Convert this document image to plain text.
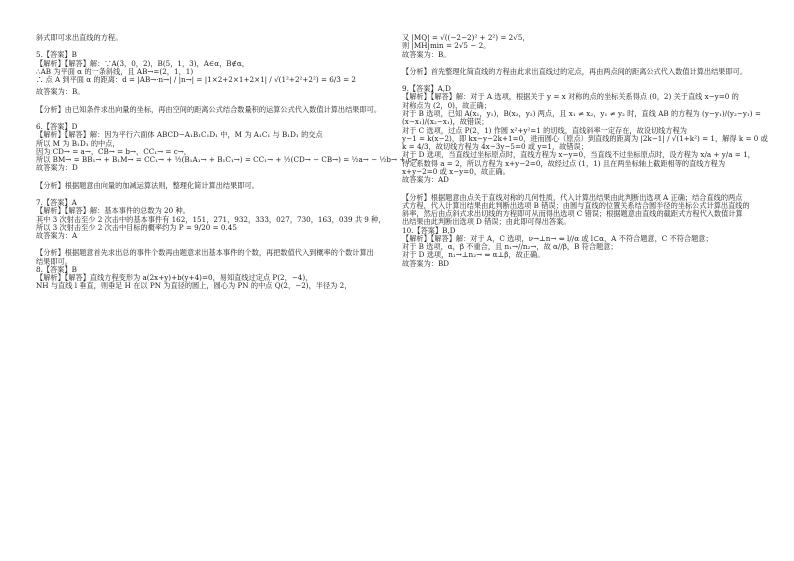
斜式即可求出直线的方程。

5.【答案】B

【解析】【解答】解：∵A(3，0，2)，B(5，1，3)，A∈α，B∉α，

∴AB 为平面 α 的一条斜线，且 AB→=(2，1，1)

∴ 点 A 到平面 α 的距离：d = |AB→·n→| / |n→| = |1×2+2×1+2×1| / √(1²+2²+2²) = 6/3 = 2

故答案为：B。

【分析】由已知条件求出向量的坐标，再由空间的距离公式结合数量积的运算公式代入数值计算出结果即可。

6.【答案】D

【解析】【解答】解：因为平行六面体 ABCD−A₁B₁C₁D₁ 中，M 为 A₁C₁ 与 B₁D₁ 的交点

所以 M 为 B₁D₁ 的中点，

因为 CD→ = a→，CB→ = b→，CC₁→ = c→，

所以 BM→ = BB₁→ + B₁M→ = CC₁→ + ½(B₁A₁→ + B₁C₁→) = CC₁→ + ½(CD→ − CB→) = ½a→ − ½b→ + c→

故答案为：D

【分析】根据题意由向量的加减运算法则，整理化简计算出结果即可。

7.【答案】A

【解析】【解答】解：基本事件的总数为 20 种。

其中 3 次射击至少 2 次击中的基本事件有 162，151，271，932，333，027，730，163，039 共 9 种，

所以 3 次射击至少 2 次击中目标的概率约为 P = 9/20 = 0.45

故答案为：A

【分析】根据题意首先求出总的事件个数再由题意求出基本事件的个数，再把数值代入到概率的个数计算出

结果即可。

8.【答案】B

【解析】【解答】直线方程变形为 a(2x+y)+b(y+4)=0，易知直线过定点 P(2，−4)，

NH 与直线 l 垂直，则垂足 H 在以 PN 为直径的圆上，圆心为 PN 的中点 Q(2，−2)，半径为 2，

又 |MQ| = √((−2−2)² + 2²) = 2√5，

则 |MH|min = 2√5 − 2。

故答案为：B。

【分析】首先整理化简直线的方程由此求出直线过的定点，再由两点间的距离公式代入数值计算出结果即可。

9.【答案】A,D

【解析】【解答】解：对于 A 选项，根据关于 y = x 对称的点的坐标关系得点 (0，2) 关于直线 x−y=0 的

对称点为 (2，0)，故正确；

对于 B 选项，已知 A(x₁，y₁)，B(x₂，y₂) 两点，且 x₁ ≠ x₂，y₁ ≠ y₂ 时，直线 AB 的方程为 (y−y₁)/(y₂−y₁) =

(x−x₁)/(x₂−x₁)，故错误；

对于 C 选项，过点 P(2，1) 作圆 x²+y²=1 的切线，直线斜率一定存在，故设切线方程为

y−1 = k(x−2)，即 kx−y−2k+1=0，进而圆心（原点）到直线的距离为 |2k−1| / √(1+k²) = 1，解得 k = 0 或

k = 4/3，故切线方程为 4x−3y−5=0 或 y=1，故错误；

对于 D 选项，当直线过坐标原点时，直线方程为 x−y=0，当直线不过坐标原点时，设方程为 x/a + y/a = 1，

待定系数得 a = 2，所以方程为 x+y−2=0，故经过点 (1，1) 且在两坐标轴上截距相等的直线方程为

x+y−2=0 或 x−y=0，故正确。

故答案为：AD

【分析】根据题意由点关于直线对称的几何性质，代入计算出结果由此判断出选项 A 正确；结合直线的两点

式方程，代入计算出结果由此判断出选项 B 错误；由圆与直线的位置关系结合圆半径的坐标公式计算出直线的

斜率，然后由点斜式求出切线的方程即可从而得出选项 C 错误；根据题意由直线的截距式方程代入数值计算

出结果由此判断出选项 D 错误；由此即可得出答案。

10.【答案】B,D

【解析】【解答】解：对于 A，C 选项，ν→⊥n→ ⇔ l//α 或 l⊂α，A 不符合题意，C 不符合题意；

对于 B 选项，α，β 不重合，且 n₁→//n₂→，故 α//β，B 符合题意；

对于 D 选项，n₁→⊥n₂→ ⇔ α⊥β，故正确。

故答案为：BD
